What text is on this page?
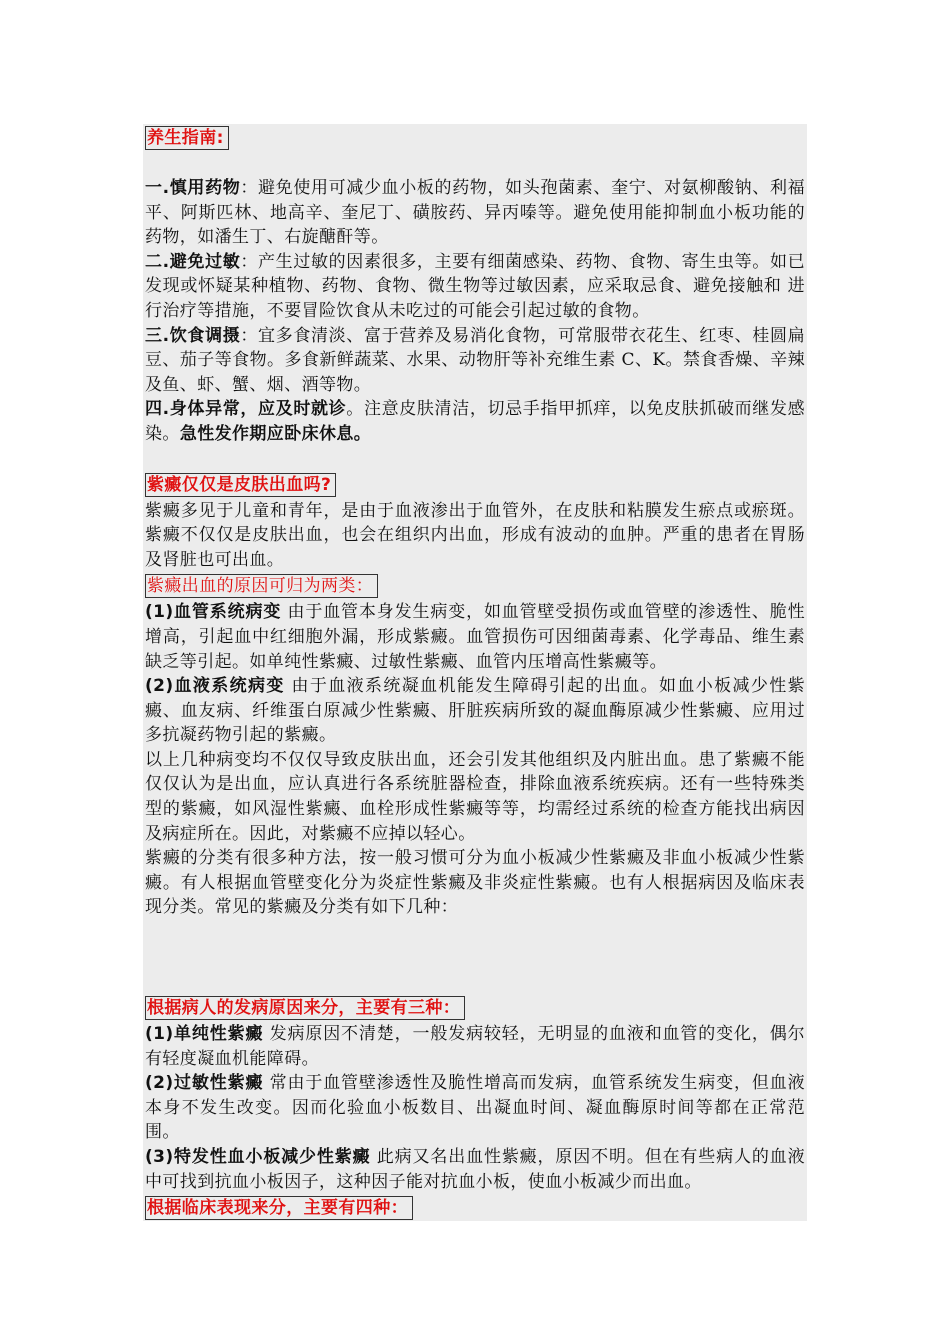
养生指南:

一.慎用药物：避免使用可减少血小板的药物，如头孢菌素、奎宁、对氨柳酸钠、利福平、阿斯匹林、地高辛、奎尼丁、磺胺药、异丙嗪等。避免使用能抑制血小板功能的药物，如潘生丁、右旋醣酐等。

二.避免过敏：产生过敏的因素很多，主要有细菌感染、药物、食物、寄生虫等。如已发现或怀疑某种植物、药物、食物、微生物等过敏因素，应采取忌食、避免接触和 进行治疗等措施，不要冒险饮食从未吃过的可能会引起过敏的食物。

三.饮食调摄：宜多食清淡、富于营养及易消化食物，可常服带衣花生、红枣、桂圆扁豆、茄子等食物。多食新鲜蔬菜、水果、动物肝等补充维生素 C、K。禁食香燥、辛辣及鱼、虾、蟹、烟、酒等物。

四.身体异常，应及时就诊。注意皮肤清洁，切忌手指甲抓痒，以免皮肤抓破而继发感染。急性发作期应卧床休息。

紫癜仅仅是皮肤出血吗?

紫癜多见于儿童和青年，是由于血液渗出于血管外，在皮肤和粘膜发生瘀点或瘀斑。紫癜不仅仅是皮肤出血，也会在组织内出血，形成有波动的血肿。严重的患者在胃肠及肾脏也可出血。

紫癜出血的原因可归为两类：

(1)血管系统病变 由于血管本身发生病变，如血管壁受损伤或血管壁的渗透性、脆性增高，引起血中红细胞外漏，形成紫癜。血管损伤可因细菌毒素、化学毒品、维生素缺乏等引起。如单纯性紫癜、过敏性紫癜、血管内压增高性紫癜等。

(2)血液系统病变 由于血液系统凝血机能发生障碍引起的出血。如血小板减少性紫癜、血友病、纤维蛋白原减少性紫癜、肝脏疾病所致的凝血酶原减少性紫癜、应用过多抗凝药物引起的紫癜。

以上几种病变均不仅仅导致皮肤出血，还会引发其他组织及内脏出血。患了紫癜不能仅仅认为是出血，应认真进行各系统脏器检查，排除血液系统疾病。还有一些特殊类型的紫癜，如风湿性紫癜、血栓形成性紫癜等等，均需经过系统的检查方能找出病因及病症所在。因此，对紫癜不应掉以轻心。

紫癜的分类有很多种方法，按一般习惯可分为血小板减少性紫癜及非血小板减少性紫癜。有人根据血管壁变化分为炎症性紫癜及非炎症性紫癜。也有人根据病因及临床表现分类。常见的紫癜及分类有如下几种：

根据病人的发病原因来分，主要有三种：

(1)单纯性紫癜 发病原因不清楚，一般发病较轻，无明显的血液和血管的变化，偶尔有轻度凝血机能障碍。

(2)过敏性紫癜 常由于血管壁渗透性及脆性增高而发病，血管系统发生病变，但血液本身不发生改变。因而化验血小板数目、出凝血时间、凝血酶原时间等都在正常范围。

(3)特发性血小板减少性紫癜 此病又名出血性紫癜，原因不明。但在有些病人的血液中可找到抗血小板因子，这种因子能对抗血小板，使血小板减少而出血。

根据临床表现来分，主要有四种：
